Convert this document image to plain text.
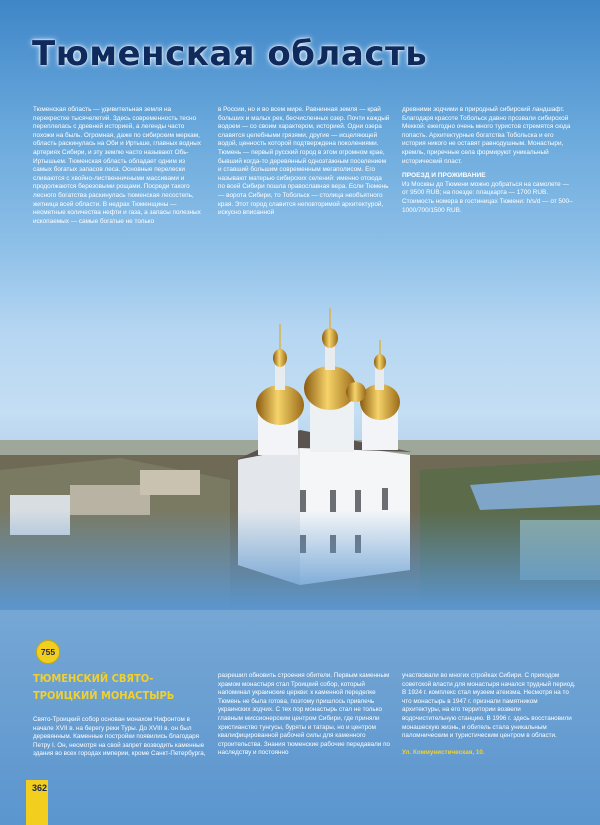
Тюменская область

Тюменская область — удивительная земля на перекрестке тысячелетий. Здесь современность тесно переплелась с древней историей, а легенды часто похожи на быль. Огромная, даже по сибирским меркам, область раскинулась на Оби и Иртыше, главных водных артериях Сибири, и эту землю часто называют Обь-Иртышьем. Тюменская область обладает одним из самых богатых запасов леса. Основные перелески сливаются с хвойно-лиственничными массивами и продолжаются березовыми рощами. Посреди такого лесного богатства раскинулась тюменская лесостепь, житница всей области. В недрах Тюменщины — несметные количества нефти и газа, а запасы полезных ископаемых — самые богатые не только

в России, но и во всем мире. Равнинная земля — край больших и малых рек, бесчисленных озер. Почти каждый водоем — со своим характером, историей. Одни озера славятся целебными грязями, другие — исцеляющей водой, ценность которой подтверждена поколениями. Тюмень — первый русский город в этом огромном крае, бывший когда-то деревянный одноэтажным поселением и ставший большим современным мегаполисом. Его называют матерью сибирских селений: именно отсюда по всей Сибири пошла православная вера. Если Тюмень — ворота Сибири, то Тобольск — столица необъятного края. Этот город славится неповторимой архитектурой, искусно вписанной

древними зодчими в природный сибирский ландшафт. Благодаря красоте Тобольск давно прозвали сибирской Меккой: ежегодно очень много туристов стремятся сюда попасть. Архитектурные богатства Тобольска и его история никого не оставят равнодушным. Монастыри, кремль, приречные села формируют уникальный исторический пласт.

ПРОЕЗД И ПРОЖИВАНИЕ

Из Москвы до Тюмени можно добраться на самолете — от 9500 RUB; на поезде: плацкарта — 1700 RUB. Стоимость номера в гостиницах Тюмени: h/s/d — от 500–1000/700/1500 RUB.

755
ТЮМЕНСКИЙ СВЯТО-ТРОИЦКИЙ МОНАСТЫРЬ

Свято-Троицкий собор основан монахом Нифонтом в начале XVII в. на берегу реки Туры. До XVIII в. он был деревянным. Каменные постройки появились благодаря Петру I. Он, несмотря на свой запрет возводить каменные здания во всех городах империи, кроме Санкт-Петербурга,

разрешил обновить строения обители. Первым каменным храмом монастыря стал Троицкий собор, который напоминал украинские церкви: к каменной переделке Тюмень не была готова, поэтому пришлось привлечь украинских зодчих. С тех пор монастырь стал не только главным миссионерским центром Сибири, где приняли христианство тунгусы, буряты и татары, но и центром квалифицированной рабочей силы для каменного строительства. Знания тюменские рабочие передавали по наследству и постоянно

участвовали во многих стройках Сибири. С приходом советской власти для монастыря начался трудный период. В 1924 г. комплекс стал музеем атеизма. Несмотря на то что монастырь в 1947 г. признали памятником архитектуры, на его территории возвели водочистительную станцию. В 1996 г. здесь восстановили монашескую жизнь, и обитель стала уникальным паломническим и туристическим центром в области.

Ул. Коммунистическая, 10.

362
